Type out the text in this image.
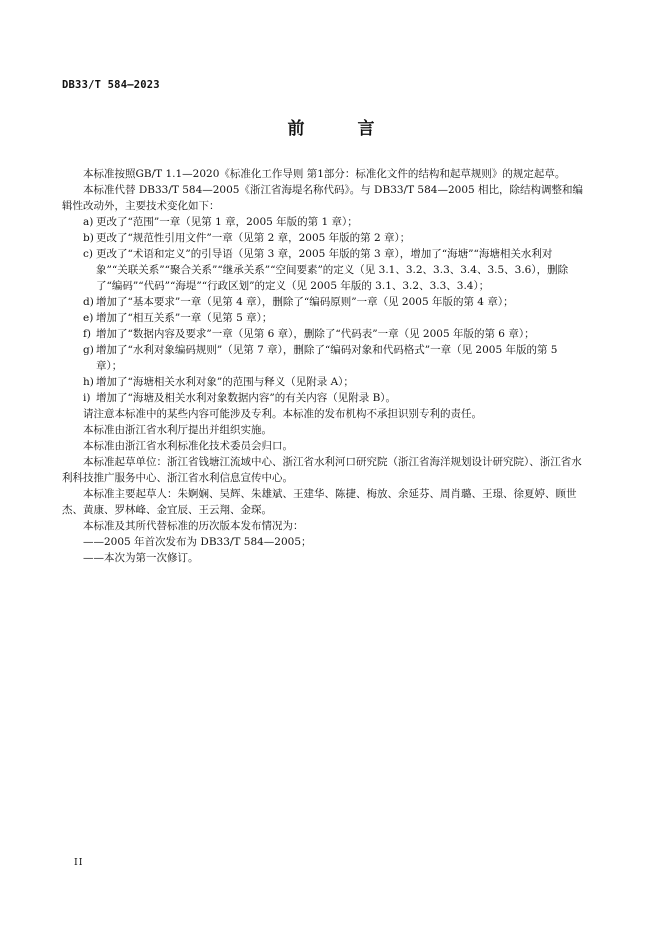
DB33/T 584—2023
前　言

本标准按照GB/T 1.1—2020《标准化工作导则 第1部分：标准化文件的结构和起草规则》的规定起草。

本标准代替 DB33/T 584—2005《浙江省海堤名称代码》。与 DB33/T 584—2005 相比，除结构调整和编辑性改动外，主要技术变化如下：

a) 更改了“范围”一章（见第 1 章，2005 年版的第 1 章）；

b) 更改了“规范性引用文件”一章（见第 2 章，2005 年版的第 2 章）；

c) 更改了“术语和定义”的引导语（见第 3 章，2005 年版的第 3 章），增加了“海塘”“海塘相关水利对象”“关联关系”“聚合关系”“继承关系”“空间要素”的定义（见 3.1、3.2、3.3、3.4、3.5、3.6），删除了“编码”“代码”“海堤”“行政区划”的定义（见 2005 年版的 3.1、3.2、3.3、3.4）；

d) 增加了“基本要求”一章（见第 4 章），删除了“编码原则”一章（见 2005 年版的第 4 章）；

e) 增加了“相互关系”一章（见第 5 章）；

f) 增加了“数据内容及要求”一章（见第 6 章），删除了“代码表”一章（见 2005 年版的第 6 章）；

g) 增加了“水利对象编码规则”（见第 7 章），删除了“编码对象和代码格式”一章（见 2005 年版的第 5 章）；

h) 增加了“海塘相关水利对象”的范围与释义（见附录 A）；

i) 增加了“海塘及相关水利对象数据内容”的有关内容（见附录 B）。

请注意本标准中的某些内容可能涉及专利。本标准的发布机构不承担识别专利的责任。

本标准由浙江省水利厅提出并组织实施。

本标准由浙江省水利标准化技术委员会归口。

本标准起草单位：浙江省钱塘江流域中心、浙江省水利河口研究院（浙江省海洋规划设计研究院）、浙江省水利科技推广服务中心、浙江省水利信息宣传中心。

本标准主要起草人：朱婀娴、吴辉、朱雄斌、王建华、陈捷、梅放、余延芬、周肖璐、王璟、徐夏婷、顾世杰、黄康、罗林峰、金宜辰、王云翔、金琛。

本标准及其所代替标准的历次版本发布情况为：

——2005 年首次发布为 DB33/T 584—2005；

——本次为第一次修订。

II
